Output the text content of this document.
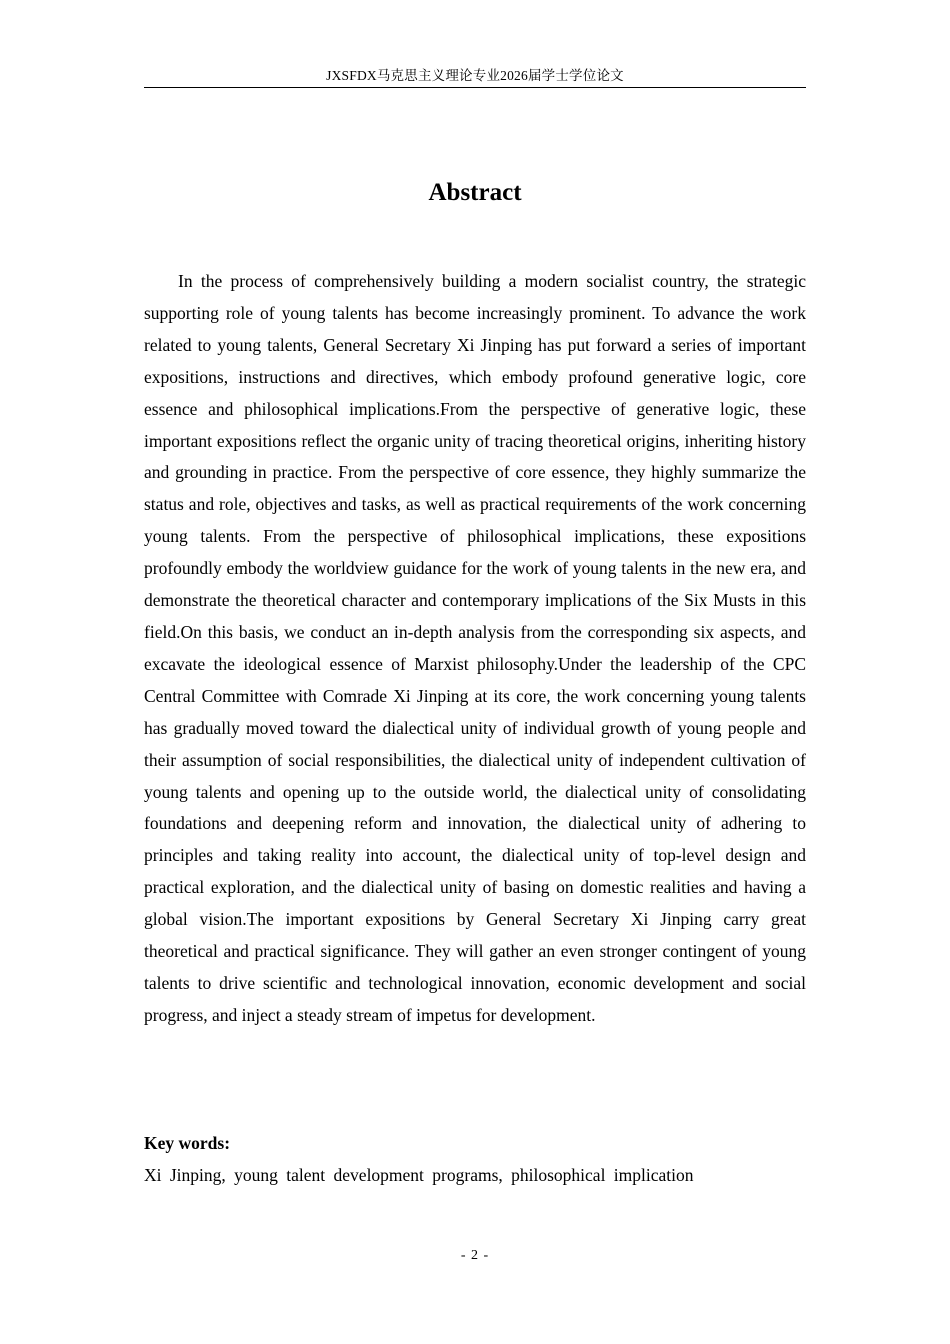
JXSFDX马克思主义理论专业2026届学士学位论文
Abstract

In the process of comprehensively building a modern socialist country, the strategic supporting role of young talents has become increasingly prominent. To advance the work related to young talents, General Secretary Xi Jinping has put forward a series of important expositions, instructions and directives, which embody profound generative logic, core essence and philosophical implications.From the perspective of generative logic, these important expositions reflect the organic unity of tracing theoretical origins, inheriting history and grounding in practice. From the perspective of core essence, they highly summarize the status and role, objectives and tasks, as well as practical requirements of the work concerning young talents. From the perspective of philosophical implications, these expositions profoundly embody the worldview guidance for the work of young talents in the new era, and demonstrate the theoretical character and contemporary implications of the Six Musts in this field.On this basis, we conduct an in-depth analysis from the corresponding six aspects, and excavate the ideological essence of Marxist philosophy.Under the leadership of the CPC Central Committee with Comrade Xi Jinping at its core, the work concerning young talents has gradually moved toward the dialectical unity of individual growth of young people and their assumption of social responsibilities, the dialectical unity of independent cultivation of young talents and opening up to the outside world, the dialectical unity of consolidating foundations and deepening reform and innovation, the dialectical unity of adhering to principles and taking reality into account, the dialectical unity of top-level design and practical exploration, and the dialectical unity of basing on domestic realities and having a global vision.The important expositions by General Secretary Xi Jinping carry great theoretical and practical significance. They will gather an even stronger contingent of young talents to drive scientific and technological innovation, economic development and social progress, and inject a steady stream of impetus for development.

Key words:
Xi Jinping, young talent development programs, philosophical implication
- 2 -
